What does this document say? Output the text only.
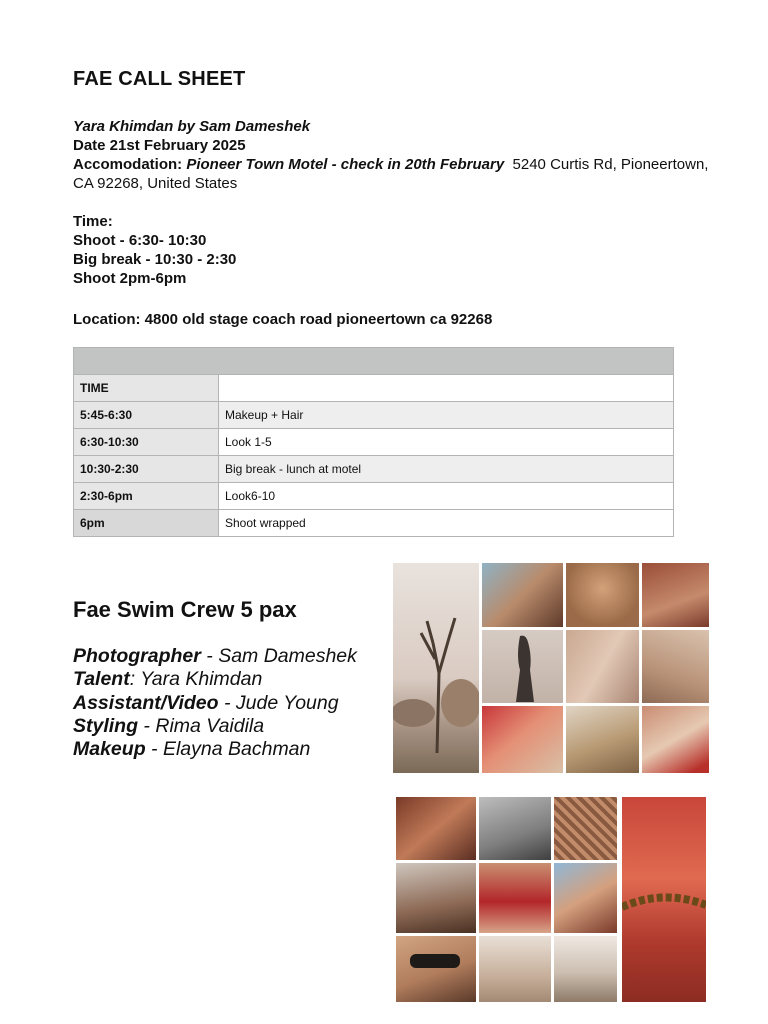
FAE CALL SHEET
Yara Khimdan by Sam Dameshek
Date 21st February 2025
Accomodation: Pioneer Town Motel - check in 20th February 5240 Curtis Rd, Pioneertown, CA 92268, United States
Time:
Shoot - 6:30- 10:30
Big break - 10:30 - 2:30
Shoot 2pm-6pm
Location: 4800 old stage coach road pioneertown ca 92268

TIME	
5:45-6:30	Makeup + Hair
6:30-10:30	Look 1-5
10:30-2:30	Big break - lunch at motel
2:30-6pm	Look6-10
6pm	Shoot wrapped
Fae Swim Crew 5 pax
Photographer - Sam Dameshek
Talent: Yara Khimdan
Assistant/Video - Jude Young
Styling - Rima Vaidila
Makeup - Elayna Bachman
